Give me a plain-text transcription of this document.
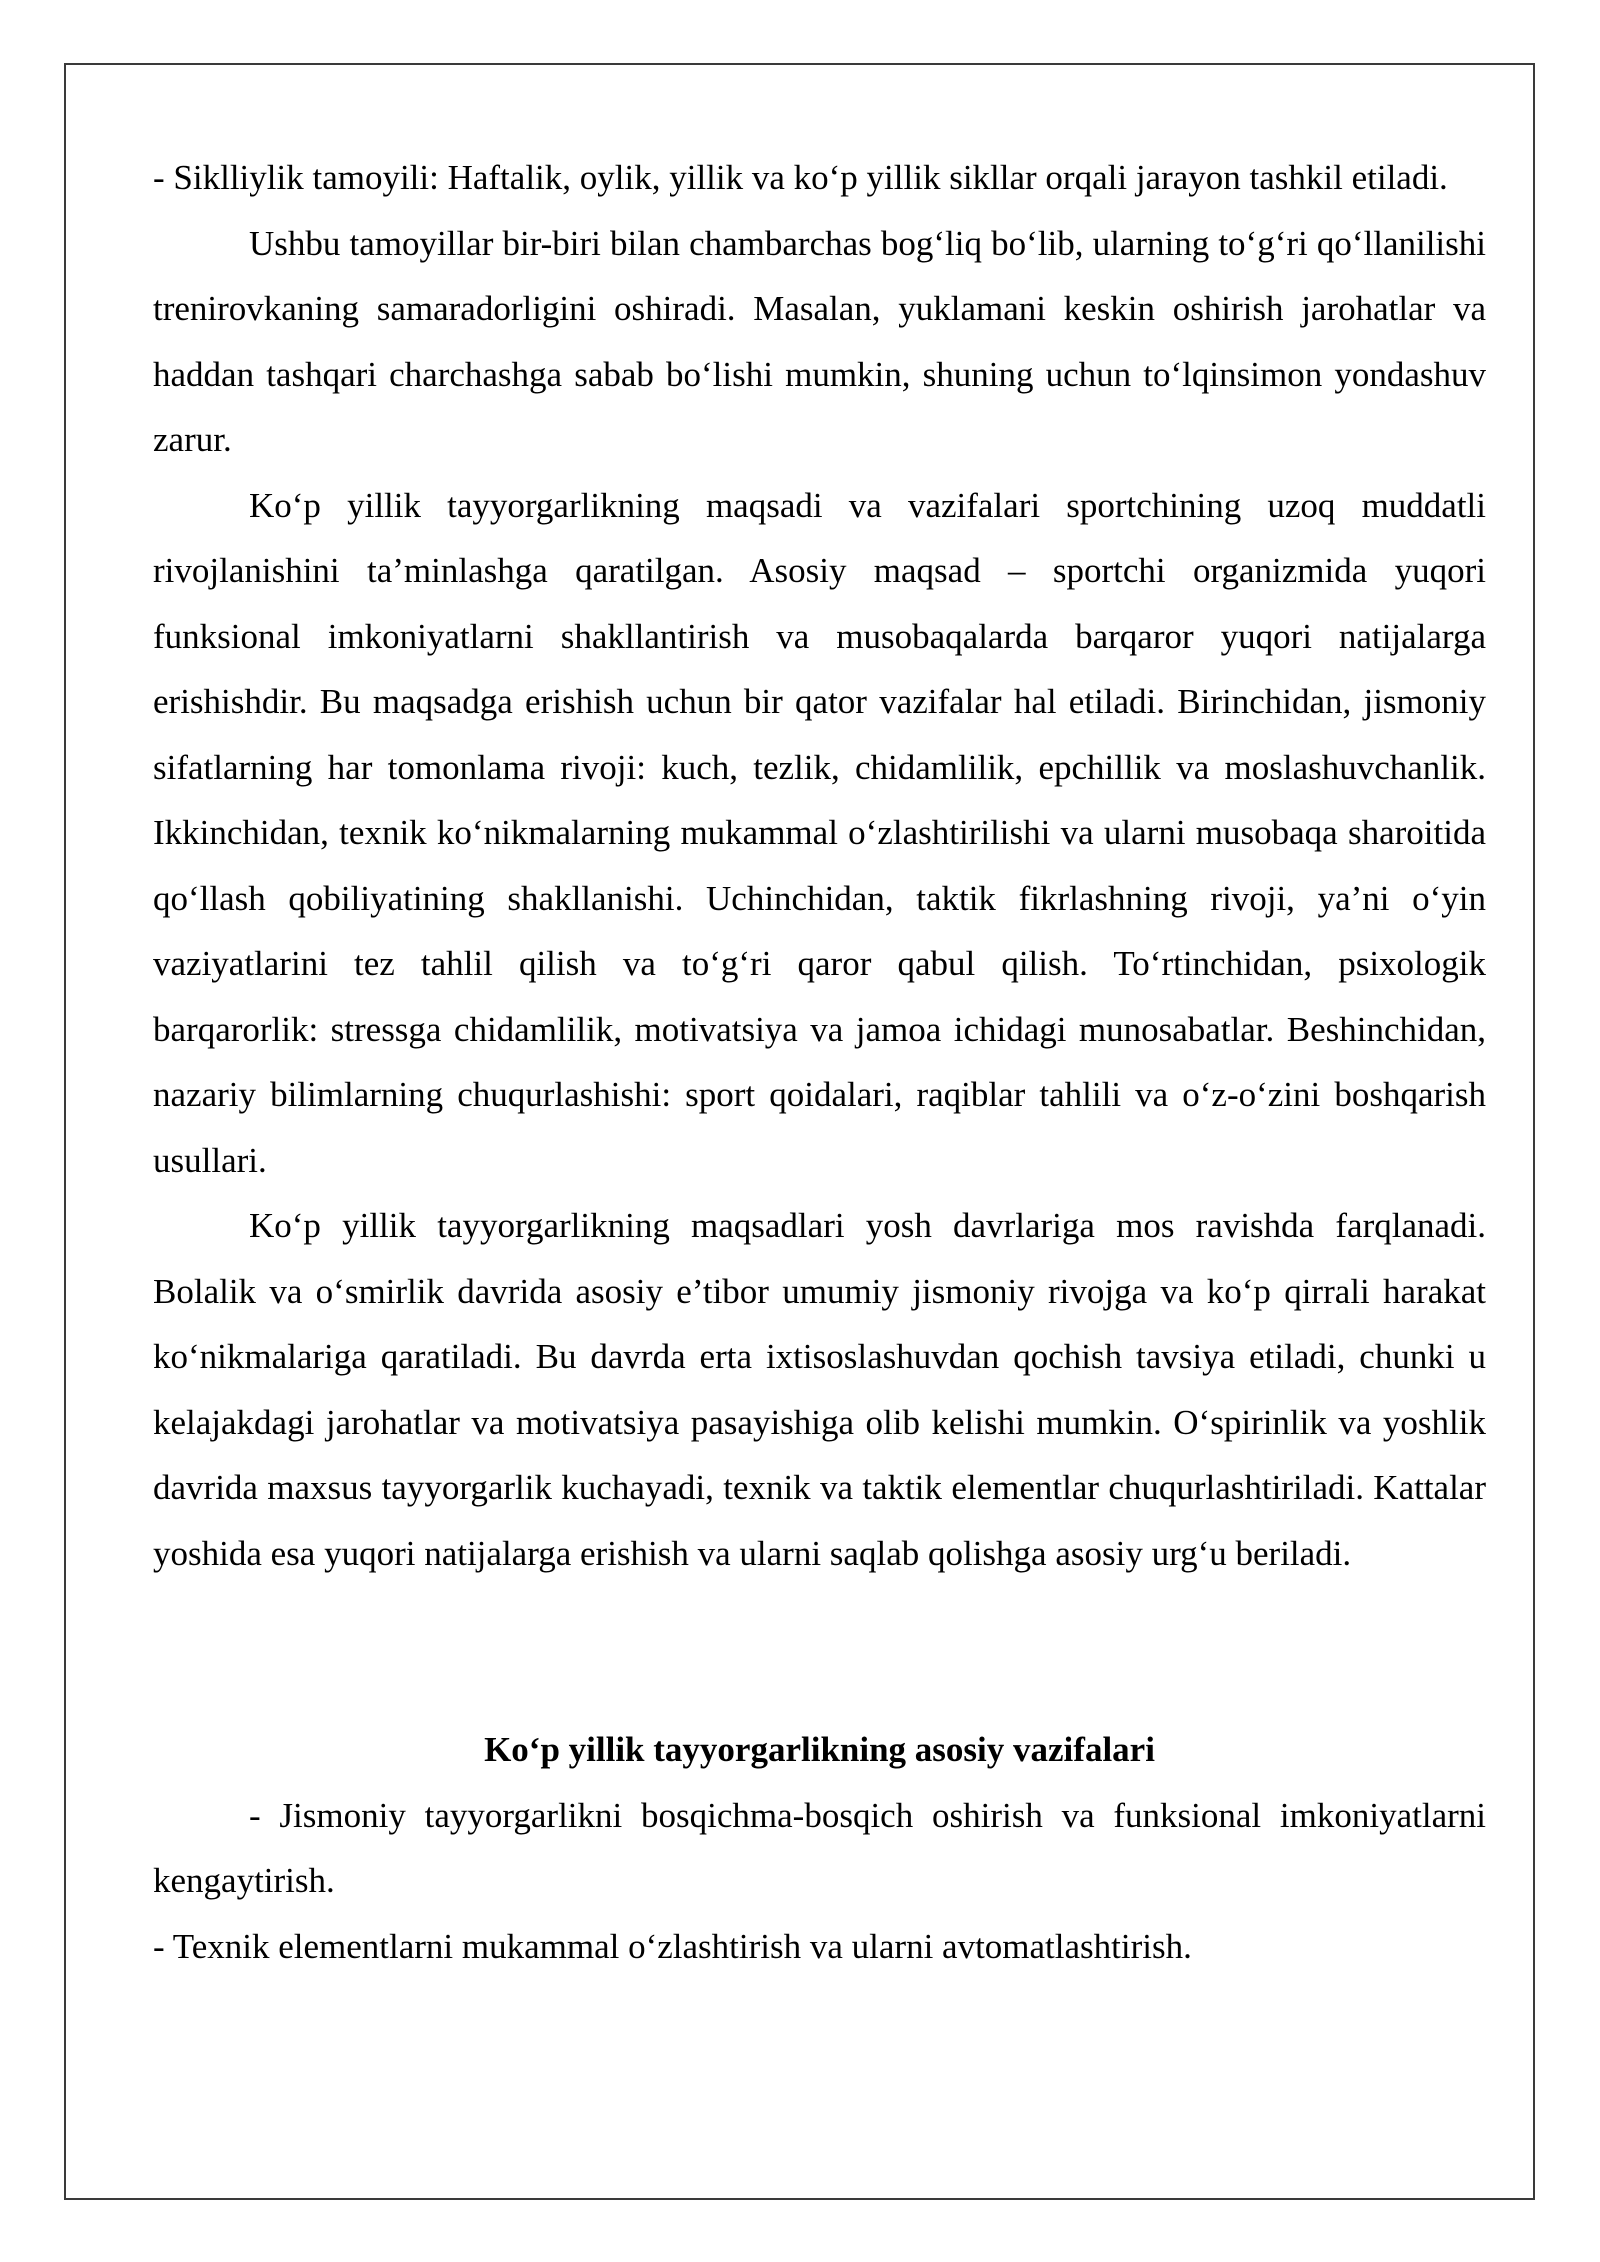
- Siklliylik tamoyili: Haftalik, oylik, yillik va ko‘p yillik sikllar orqali jarayon tashkil etiladi.

Ushbu tamoyillar bir-biri bilan chambarchas bog‘liq bo‘lib, ularning to‘g‘ri qo‘llanilishi trenirovkaning samaradorligini oshiradi. Masalan, yuklamani keskin oshirish jarohatlar va haddan tashqari charchashga sabab bo‘lishi mumkin, shuning uchun to‘lqinsimon yondashuv zarur.

Ko‘p yillik tayyorgarlikning maqsadi va vazifalari sportchining uzoq muddatli rivojlanishini ta’minlashga qaratilgan. Asosiy maqsad – sportchi organizmida yuqori funksional imkoniyatlarni shakllantirish va musobaqalarda barqaror yuqori natijalarga erishishdir. Bu maqsadga erishish uchun bir qator vazifalar hal etiladi. Birinchidan, jismoniy sifatlarning har tomonlama rivoji: kuch, tezlik, chidamlilik, epchillik va moslashuvchanlik. Ikkinchidan, texnik ko‘nikmalarning mukammal o‘zlashtirilishi va ularni musobaqa sharoitida qo‘llash qobiliyatining shakllanishi. Uchinchidan, taktik fikrlashning rivoji, ya’ni o‘yin vaziyatlarini tez tahlil qilish va to‘g‘ri qaror qabul qilish. To‘rtinchidan, psixologik barqarorlik: stressga chidamlilik, motivatsiya va jamoa ichidagi munosabatlar. Beshinchidan, nazariy bilimlarning chuqurlashishi: sport qoidalari, raqiblar tahlili va o‘z-o‘zini boshqarish usullari.

Ko‘p yillik tayyorgarlikning maqsadlari yosh davrlariga mos ravishda farqlanadi. Bolalik va o‘smirlik davrida asosiy e’tibor umumiy jismoniy rivojga va ko‘p qirrali harakat ko‘nikmalariga qaratiladi. Bu davrda erta ixtisoslashuvdan qochish tavsiya etiladi, chunki u kelajakdagi jarohatlar va motivatsiya pasayishiga olib kelishi mumkin. O‘spirinlik va yoshlik davrida maxsus tayyorgarlik kuchayadi, texnik va taktik elementlar chuqurlashtiriladi. Kattalar yoshida esa yuqori natijalarga erishish va ularni saqlab qolishga asosiy urg‘u beriladi.

Ko‘p yillik tayyorgarlikning asosiy vazifalari

- Jismoniy tayyorgarlikni bosqichma-bosqich oshirish va funksional imkoniyatlarni kengaytirish.

- Texnik elementlarni mukammal o‘zlashtirish va ularni avtomatlashtirish.
